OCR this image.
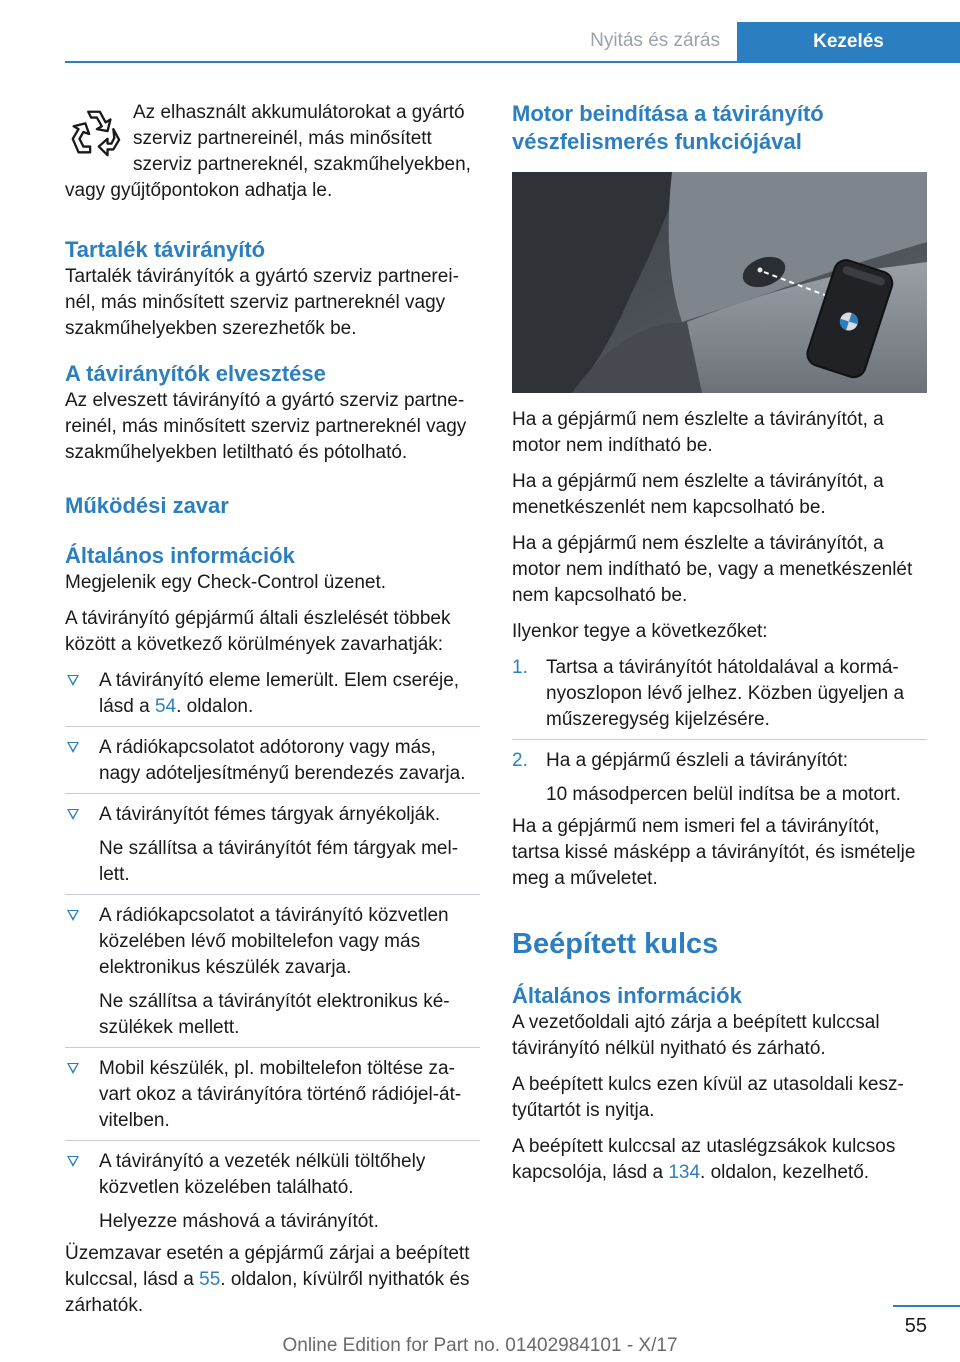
Nyitás és zárás	Kezelés

Az elhasznált akkumulátorokat a gyártó szerviz partnereinél, más minősített szerviz partnereknél, szakműhelyekben, vagy gyűjtőpontokon adhatja le.

Tartalék távirányító

Tartalék távirányítók a gyártó szerviz partnereinél, más minősített szerviz partnereknél vagy szakműhelyekben szerezhetők be.

A távirányítók elvesztése

Az elveszett távirányító a gyártó szerviz partnereinél, más minősített szerviz partnereknél vagy szakműhelyekben letiltható és pótolható.

Működési zavar
Általános információk

Megjelenik egy Check-Control üzenet.

A távirányító gépjármű általi észlelését többek között a következő körülmények zavarhatják:

A távirányító eleme lemerült. Elem cseréje, lásd a 54. oldalon.
A rádiókapcsolatot adótorony vagy más, nagy adóteljesítményű berendezés zavarja.
A távirányítót fémes tárgyak árnyékolják.
Ne szállítsa a távirányítót fém tárgyak mellett.
A rádiókapcsolatot a távirányító közvetlen közelében lévő mobiltelefon vagy más elektronikus készülék zavarja.
Ne szállítsa a távirányítót elektronikus készülékek mellett.
Mobil készülék, pl. mobiltelefon töltése zavart okoz a távirányítóra történő rádiójel-átvitelben.
A távirányító a vezeték nélküli töltőhely közvetlen közelében található.
Helyezze máshová a távirányítót.

Üzemzavar esetén a gépjármű zárjai a beépített kulccsal, lásd a 55. oldalon, kívülről nyithatók és zárhatók.

Motor beindítása a távirányító vészfelismerés funkciójával

Ha a gépjármű nem észlelte a távirányítót, a motor nem indítható be.

Ha a gépjármű nem észlelte a távirányítót, a menetkészenlét nem kapcsolható be.

Ha a gépjármű nem észlelte a távirányítót, a motor nem indítható be, vagy a menetkészenlét nem kapcsolható be.

Ilyenkor tegye a következőket:

1. Tartsa a távirányítót hátoldalával a kormányoszlopon lévő jelhez. Közben ügyeljen a műszeregység kijelzésére.
2. Ha a gépjármű észleli a távirányítót:
10 másodpercen belül indítsa be a motort.

Ha a gépjármű nem ismeri fel a távirányítót, tartsa kissé másképp a távirányítót, és ismételje meg a műveletet.

Beépített kulcs
Általános információk

A vezetőoldali ajtó zárja a beépített kulccsal távirányító nélkül nyitható és zárható.

A beépített kulcs ezen kívül az utasoldali kesztyűtartót is nyitja.

A beépített kulccsal az utaslégzsákok kulcsos kapcsolója, lásd a 134. oldalon, kezelhető.

55
Online Edition for Part no. 01402984101 - X/17
